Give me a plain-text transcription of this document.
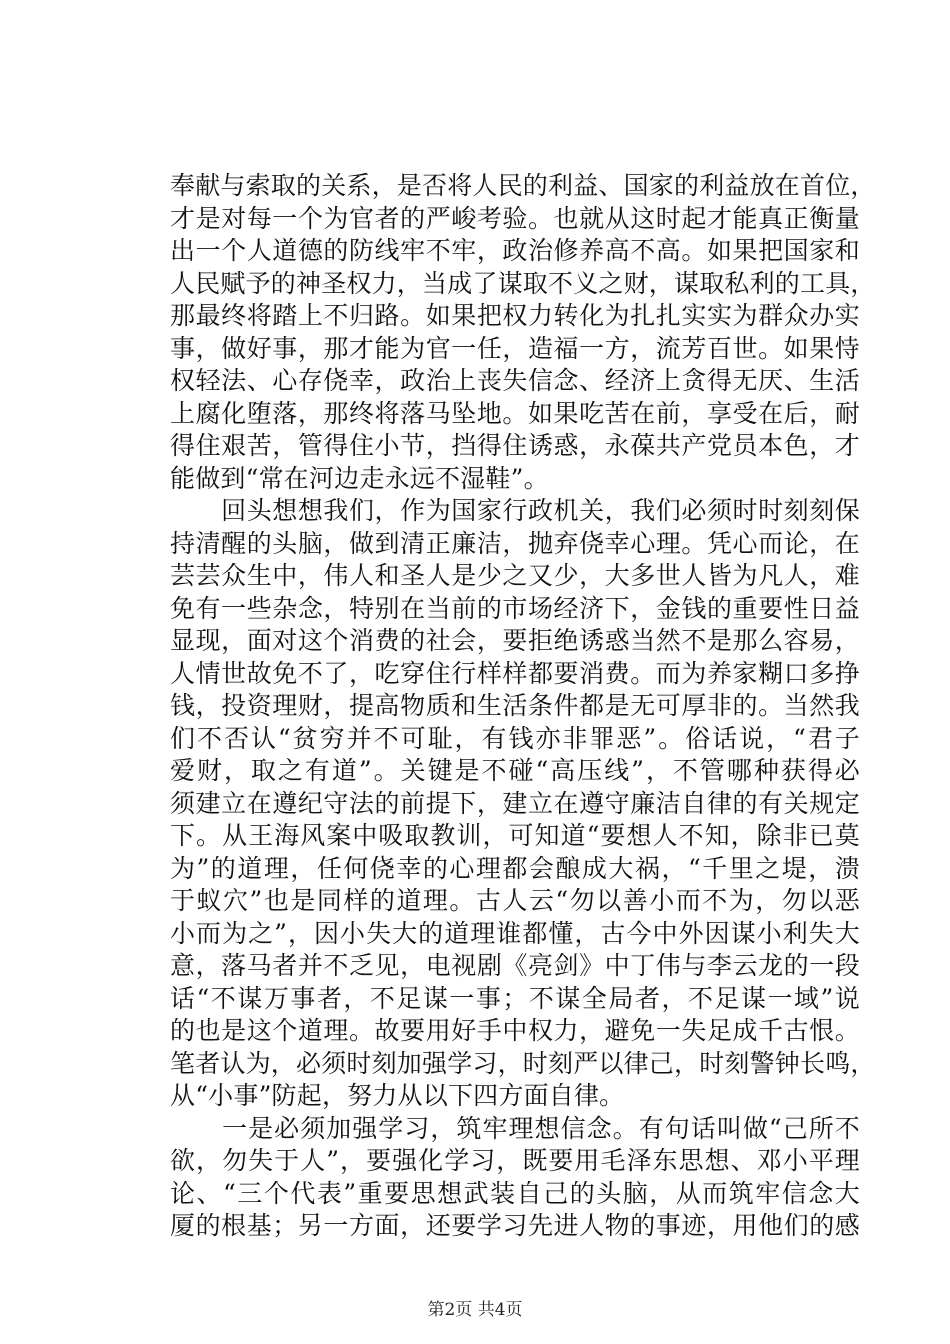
奉献与索取的关系，是否将人民的利益、国家的利益放在首位，
才是对每一个为官者的严峻考验。也就从这时起才能真正衡量
出一个人道德的防线牢不牢，政治修养高不高。如果把国家和
人民赋予的神圣权力，当成了谋取不义之财，谋取私利的工具，
那最终将踏上不归路。如果把权力转化为扎扎实实为群众办实
事，做好事，那才能为官一任，造福一方，流芳百世。如果恃
权轻法、心存侥幸，政治上丧失信念、经济上贪得无厌、生活
上腐化堕落，那终将落马坠地。如果吃苦在前，享受在后，耐
得住艰苦，管得住小节，挡得住诱惑，永葆共产党员本色，才
能做到“常在河边走永远不湿鞋”。
　　回头想想我们，作为国家行政机关，我们必须时时刻刻保
持清醒的头脑，做到清正廉洁，抛弃侥幸心理。凭心而论，在
芸芸众生中，伟人和圣人是少之又少，大多世人皆为凡人，难
免有一些杂念，特别在当前的市场经济下，金钱的重要性日益
显现，面对这个消费的社会，要拒绝诱惑当然不是那么容易，
人情世故免不了，吃穿住行样样都要消费。而为养家糊口多挣
钱，投资理财，提高物质和生活条件都是无可厚非的。当然我
们不否认“贫穷并不可耻，有钱亦非罪恶”。俗话说，“君子
爱财，取之有道”。关键是不碰“高压线”，不管哪种获得必
须建立在遵纪守法的前提下，建立在遵守廉洁自律的有关规定
下。从王海风案中吸取教训，可知道“要想人不知，除非已莫
为”的道理，任何侥幸的心理都会酿成大祸，“千里之堤，溃
于蚁穴”也是同样的道理。古人云“勿以善小而不为，勿以恶
小而为之”，因小失大的道理谁都懂，古今中外因谋小利失大
意，落马者并不乏见，电视剧《亮剑》中丁伟与李云龙的一段
话“不谋万事者，不足谋一事；不谋全局者，不足谋一域”说
的也是这个道理。故要用好手中权力，避免一失足成千古恨。
笔者认为，必须时刻加强学习，时刻严以律己，时刻警钟长鸣，
从“小事”防起，努力从以下四方面自律。
　　一是必须加强学习，筑牢理想信念。有句话叫做“己所不
欲，勿失于人”，要强化学习，既要用毛泽东思想、邓小平理
论、“三个代表”重要思想武装自己的头脑，从而筑牢信念大
厦的根基；另一方面，还要学习先进人物的事迹，用他们的感
第2页 共4页
